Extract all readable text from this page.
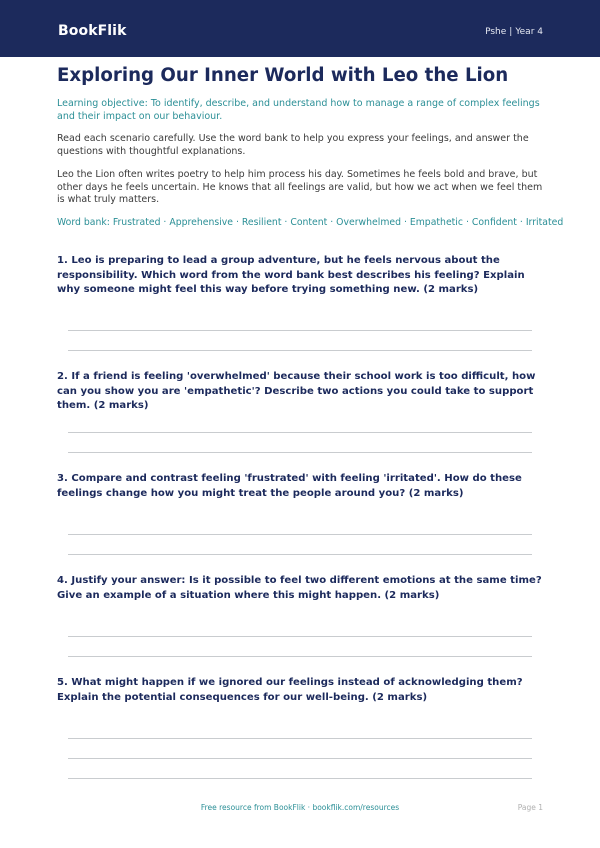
BookFlik	Pshe | Year 4
Exploring Our Inner World with Leo the Lion

Learning objective: To identify, describe, and understand how to manage a range of complex feelings and their impact on our behaviour.

Read each scenario carefully. Use the word bank to help you express your feelings, and answer the questions with thoughtful explanations.

Leo the Lion often writes poetry to help him process his day. Sometimes he feels bold and brave, but other days he feels uncertain. He knows that all feelings are valid, but how we act when we feel them is what truly matters.

Word bank: Frustrated · Apprehensive · Resilient · Content · Overwhelmed · Empathetic · Confident · Irritated

1. Leo is preparing to lead a group adventure, but he feels nervous about the responsibility. Which word from the word bank best describes his feeling? Explain why someone might feel this way before trying something new. (2 marks)

2. If a friend is feeling 'overwhelmed' because their school work is too difficult, how can you show you are 'empathetic'? Describe two actions you could take to support them. (2 marks)

3. Compare and contrast feeling 'frustrated' with feeling 'irritated'. How do these feelings change how you might treat the people around you? (2 marks)

4. Justify your answer: Is it possible to feel two different emotions at the same time? Give an example of a situation where this might happen. (2 marks)

5. What might happen if we ignored our feelings instead of acknowledging them? Explain the potential consequences for our well-being. (2 marks)

Free resource from BookFlik · bookflik.com/resources	Page 1
